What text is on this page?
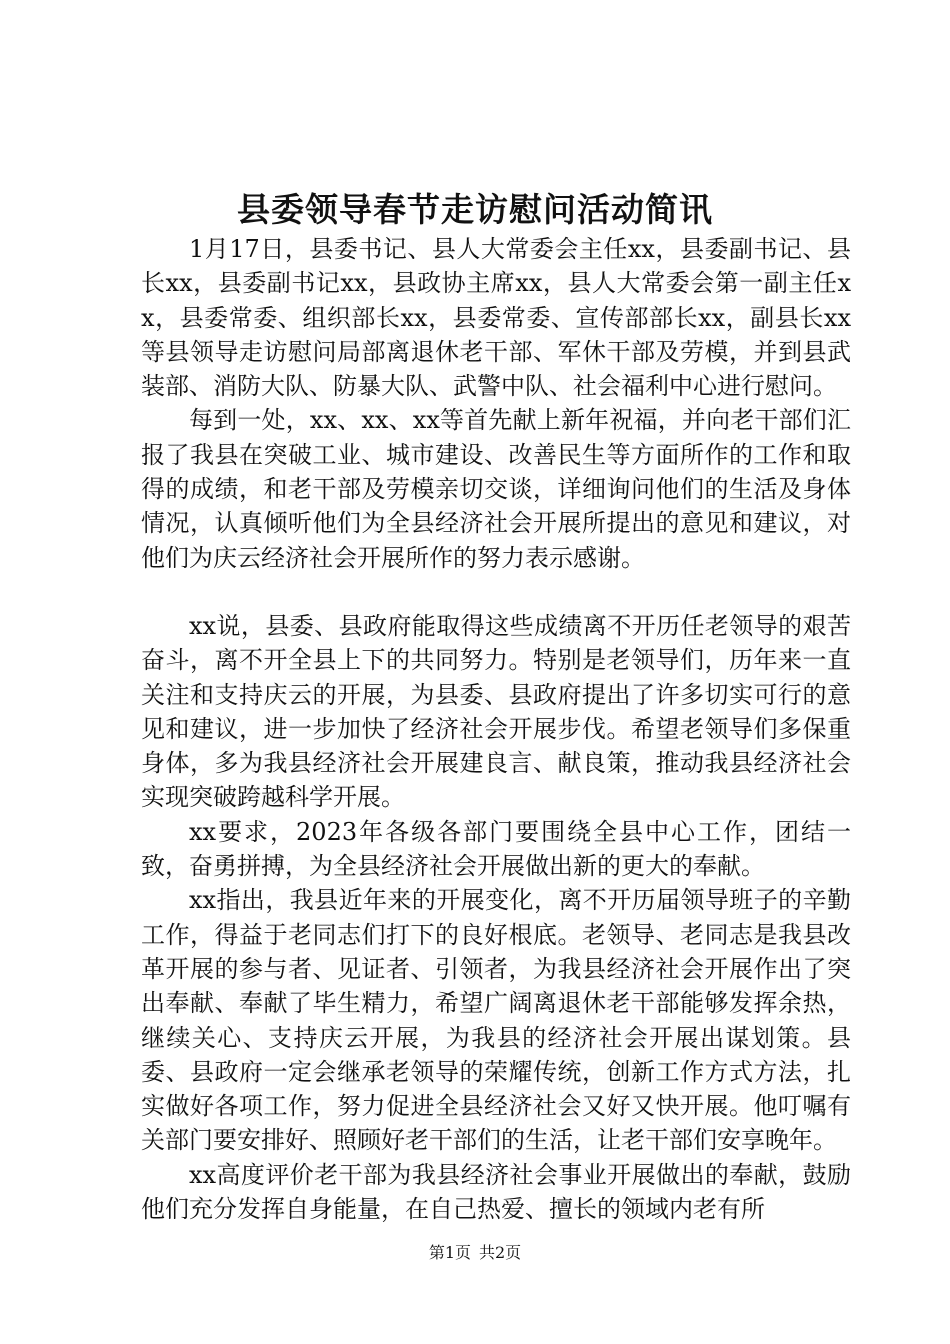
县委领导春节走访慰问活动简讯

1月17日，县委书记、县人大常委会主任xx，县委副书记、县长xx，县委副书记xx，县政协主席xx，县人大常委会第一副主任xx，县委常委、组织部长xx，县委常委、宣传部部长xx，副县长xx等县领导走访慰问局部离退休老干部、军休干部及劳模，并到县武装部、消防大队、防暴大队、武警中队、社会福利中心进行慰问。

每到一处，xx、xx、xx等首先献上新年祝福，并向老干部们汇报了我县在突破工业、城市建设、改善民生等方面所作的工作和取得的成绩，和老干部及劳模亲切交谈，详细询问他们的生活及身体情况，认真倾听他们为全县经济社会开展所提出的意见和建议，对他们为庆云经济社会开展所作的努力表示感谢。

xx说，县委、县政府能取得这些成绩离不开历任老领导的艰苦奋斗，离不开全县上下的共同努力。特别是老领导们，历年来一直关注和支持庆云的开展，为县委、县政府提出了许多切实可行的意见和建议，进一步加快了经济社会开展步伐。希望老领导们多保重身体，多为我县经济社会开展建良言、献良策，推动我县经济社会实现突破跨越科学开展。

xx要求，2023年各级各部门要围绕全县中心工作，团结一致，奋勇拼搏，为全县经济社会开展做出新的更大的奉献。

xx指出，我县近年来的开展变化，离不开历届领导班子的辛勤工作，得益于老同志们打下的良好根底。老领导、老同志是我县改革开展的参与者、见证者、引领者，为我县经济社会开展作出了突出奉献、奉献了毕生精力，希望广阔离退休老干部能够发挥余热，继续关心、支持庆云开展，为我县的经济社会开展出谋划策。县委、县政府一定会继承老领导的荣耀传统，创新工作方式方法，扎实做好各项工作，努力促进全县经济社会又好又快开展。他叮嘱有关部门要安排好、照顾好老干部们的生活，让老干部们安享晚年。

xx高度评价老干部为我县经济社会事业开展做出的奉献，鼓励他们充分发挥自身能量，在自己热爱、擅长的领域内老有所

第1页 共2页
